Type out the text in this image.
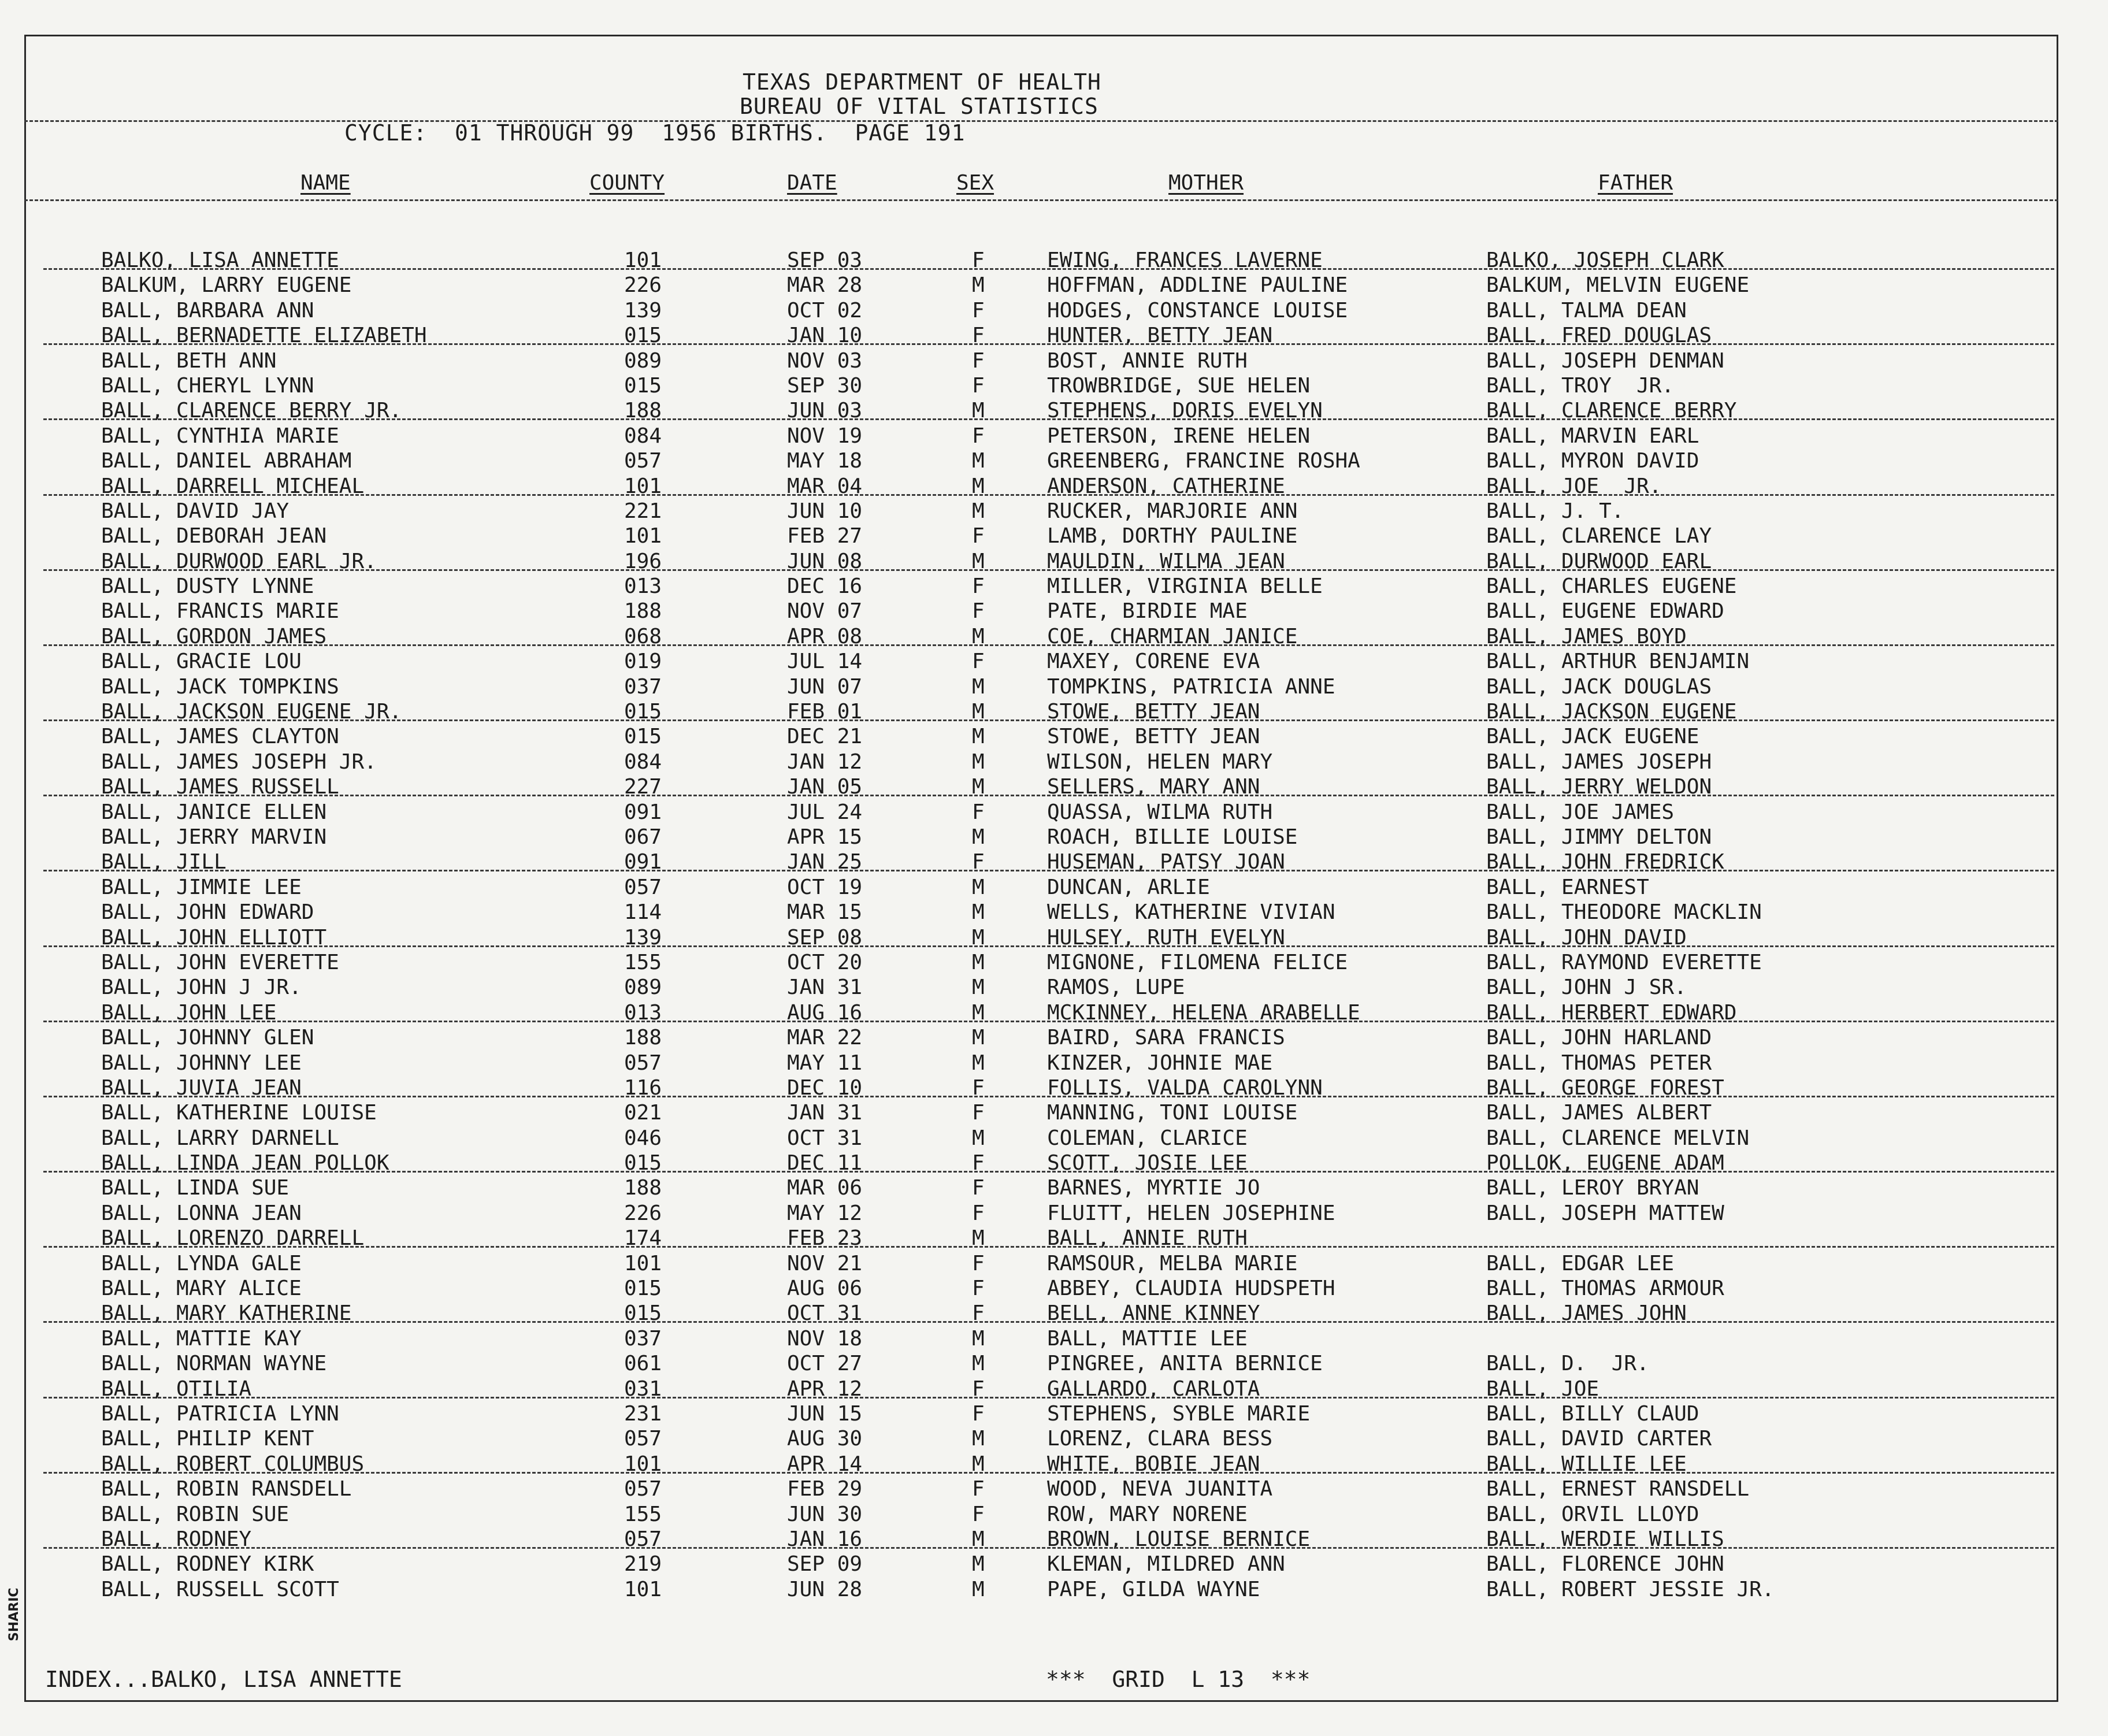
SHARIC
TEXAS DEPARTMENT OF HEALTH
BUREAU OF VITAL STATISTICS
CYCLE:  01 THROUGH 99  1956 BIRTHS.  PAGE 191
NAME	COUNTY	DATE	SEX	MOTHER	FATHER
BALKO, LISA ANNETTE	101	SEP 03	F	EWING, FRANCES LAVERNE	BALKO, JOSEPH CLARK
BALKUM, LARRY EUGENE	226	MAR 28	M	HOFFMAN, ADDLINE PAULINE	BALKUM, MELVIN EUGENE
BALL, BARBARA ANN	139	OCT 02	F	HODGES, CONSTANCE LOUISE	BALL, TALMA DEAN
BALL, BERNADETTE ELIZABETH	015	JAN 10	F	HUNTER, BETTY JEAN	BALL, FRED DOUGLAS
BALL, BETH ANN	089	NOV 03	F	BOST, ANNIE RUTH	BALL, JOSEPH DENMAN
BALL, CHERYL LYNN	015	SEP 30	F	TROWBRIDGE, SUE HELEN	BALL, TROY  JR.
BALL, CLARENCE BERRY JR.	188	JUN 03	M	STEPHENS, DORIS EVELYN	BALL, CLARENCE BERRY
BALL, CYNTHIA MARIE	084	NOV 19	F	PETERSON, IRENE HELEN	BALL, MARVIN EARL
BALL, DANIEL ABRAHAM	057	MAY 18	M	GREENBERG, FRANCINE ROSHA	BALL, MYRON DAVID
BALL, DARRELL MICHEAL	101	MAR 04	M	ANDERSON, CATHERINE	BALL, JOE  JR.
BALL, DAVID JAY	221	JUN 10	M	RUCKER, MARJORIE ANN	BALL, J. T.
BALL, DEBORAH JEAN	101	FEB 27	F	LAMB, DORTHY PAULINE	BALL, CLARENCE LAY
BALL, DURWOOD EARL JR.	196	JUN 08	M	MAULDIN, WILMA JEAN	BALL, DURWOOD EARL
BALL, DUSTY LYNNE	013	DEC 16	F	MILLER, VIRGINIA BELLE	BALL, CHARLES EUGENE
BALL, FRANCIS MARIE	188	NOV 07	F	PATE, BIRDIE MAE	BALL, EUGENE EDWARD
BALL, GORDON JAMES	068	APR 08	M	COE, CHARMIAN JANICE	BALL, JAMES BOYD
BALL, GRACIE LOU	019	JUL 14	F	MAXEY, CORENE EVA	BALL, ARTHUR BENJAMIN
BALL, JACK TOMPKINS	037	JUN 07	M	TOMPKINS, PATRICIA ANNE	BALL, JACK DOUGLAS
BALL, JACKSON EUGENE JR.	015	FEB 01	M	STOWE, BETTY JEAN	BALL, JACKSON EUGENE
BALL, JAMES CLAYTON	015	DEC 21	M	STOWE, BETTY JEAN	BALL, JACK EUGENE
BALL, JAMES JOSEPH JR.	084	JAN 12	M	WILSON, HELEN MARY	BALL, JAMES JOSEPH
BALL, JAMES RUSSELL	227	JAN 05	M	SELLERS, MARY ANN	BALL, JERRY WELDON
BALL, JANICE ELLEN	091	JUL 24	F	QUASSA, WILMA RUTH	BALL, JOE JAMES
BALL, JERRY MARVIN	067	APR 15	M	ROACH, BILLIE LOUISE	BALL, JIMMY DELTON
BALL, JILL	091	JAN 25	F	HUSEMAN, PATSY JOAN	BALL, JOHN FREDRICK
BALL, JIMMIE LEE	057	OCT 19	M	DUNCAN, ARLIE	BALL, EARNEST
BALL, JOHN EDWARD	114	MAR 15	M	WELLS, KATHERINE VIVIAN	BALL, THEODORE MACKLIN
BALL, JOHN ELLIOTT	139	SEP 08	M	HULSEY, RUTH EVELYN	BALL, JOHN DAVID
BALL, JOHN EVERETTE	155	OCT 20	M	MIGNONE, FILOMENA FELICE	BALL, RAYMOND EVERETTE
BALL, JOHN J JR.	089	JAN 31	M	RAMOS, LUPE	BALL, JOHN J SR.
BALL, JOHN LEE	013	AUG 16	M	MCKINNEY, HELENA ARABELLE	BALL, HERBERT EDWARD
BALL, JOHNNY GLEN	188	MAR 22	M	BAIRD, SARA FRANCIS	BALL, JOHN HARLAND
BALL, JOHNNY LEE	057	MAY 11	M	KINZER, JOHNIE MAE	BALL, THOMAS PETER
BALL, JUVIA JEAN	116	DEC 10	F	FOLLIS, VALDA CAROLYNN	BALL, GEORGE FOREST
BALL, KATHERINE LOUISE	021	JAN 31	F	MANNING, TONI LOUISE	BALL, JAMES ALBERT
BALL, LARRY DARNELL	046	OCT 31	M	COLEMAN, CLARICE	BALL, CLARENCE MELVIN
BALL, LINDA JEAN POLLOK	015	DEC 11	F	SCOTT, JOSIE LEE	POLLOK, EUGENE ADAM
BALL, LINDA SUE	188	MAR 06	F	BARNES, MYRTIE JO	BALL, LEROY BRYAN
BALL, LONNA JEAN	226	MAY 12	F	FLUITT, HELEN JOSEPHINE	BALL, JOSEPH MATTEW
BALL, LORENZO DARRELL	174	FEB 23	M	BALL, ANNIE RUTH
BALL, LYNDA GALE	101	NOV 21	F	RAMSOUR, MELBA MARIE	BALL, EDGAR LEE
BALL, MARY ALICE	015	AUG 06	F	ABBEY, CLAUDIA HUDSPETH	BALL, THOMAS ARMOUR
BALL, MARY KATHERINE	015	OCT 31	F	BELL, ANNE KINNEY	BALL, JAMES JOHN
BALL, MATTIE KAY	037	NOV 18	M	BALL, MATTIE LEE
BALL, NORMAN WAYNE	061	OCT 27	M	PINGREE, ANITA BERNICE	BALL, D.  JR.
BALL, OTILIA	031	APR 12	F	GALLARDO, CARLOTA	BALL, JOE
BALL, PATRICIA LYNN	231	JUN 15	F	STEPHENS, SYBLE MARIE	BALL, BILLY CLAUD
BALL, PHILIP KENT	057	AUG 30	M	LORENZ, CLARA BESS	BALL, DAVID CARTER
BALL, ROBERT COLUMBUS	101	APR 14	M	WHITE, BOBIE JEAN	BALL, WILLIE LEE
BALL, ROBIN RANSDELL	057	FEB 29	F	WOOD, NEVA JUANITA	BALL, ERNEST RANSDELL
BALL, ROBIN SUE	155	JUN 30	F	ROW, MARY NORENE	BALL, ORVIL LLOYD
BALL, RODNEY	057	JAN 16	M	BROWN, LOUISE BERNICE	BALL, WERDIE WILLIS
BALL, RODNEY KIRK	219	SEP 09	M	KLEMAN, MILDRED ANN	BALL, FLORENCE JOHN
BALL, RUSSELL SCOTT	101	JUN 28	M	PAPE, GILDA WAYNE	BALL, ROBERT JESSIE JR.
INDEX...BALKO, LISA ANNETTE	***  GRID  L 13  ***
